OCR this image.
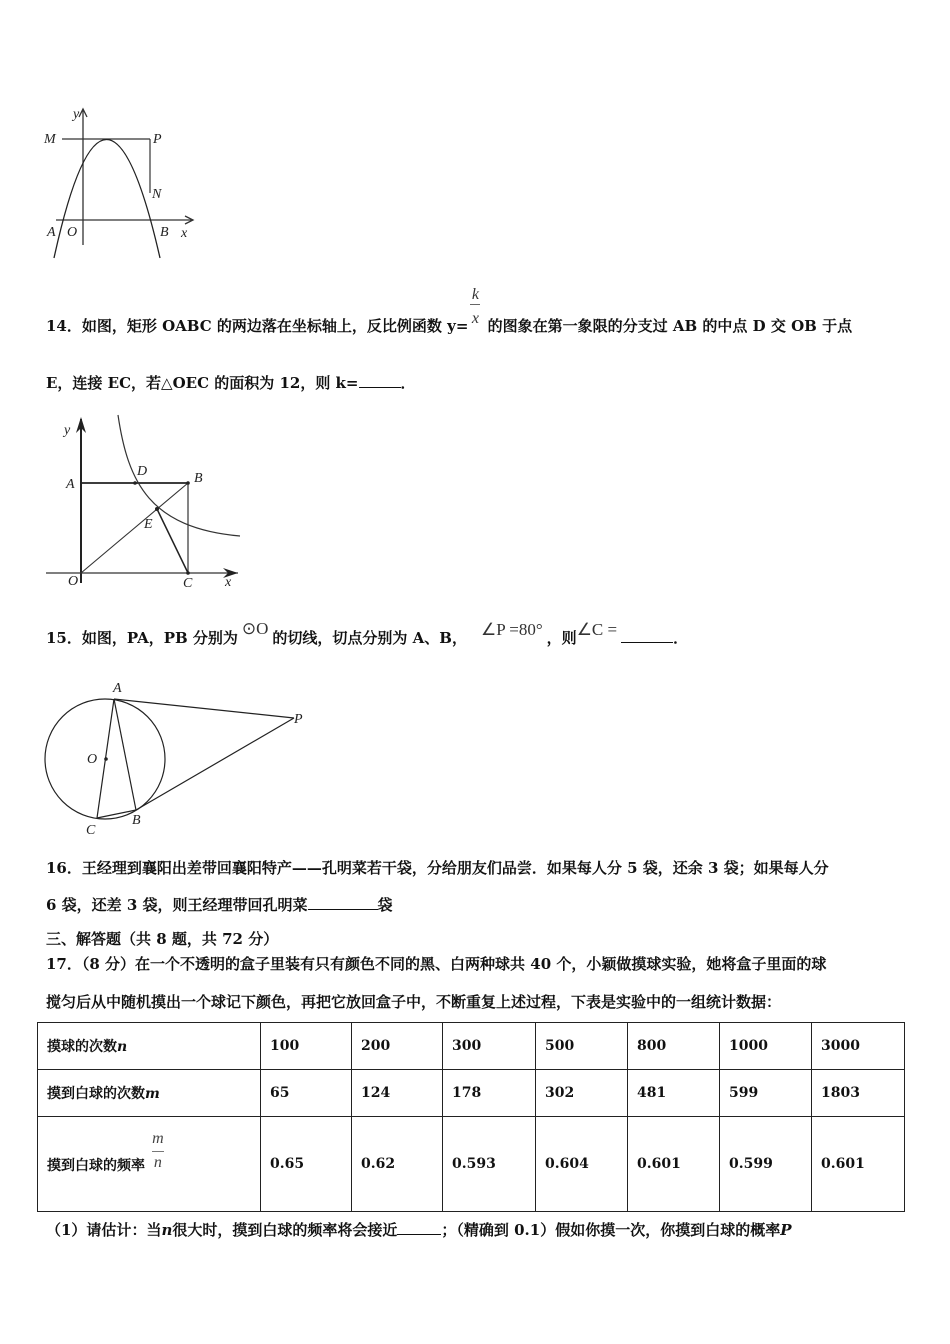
y
M	P
N
A O	B x
14．如图，矩形 OABC 的两边落在坐标轴上，反比例函数 $y= \frac{k}{x}$ 的图象在第一象限的分支过 AB 的中点 D 交 OB 于点
E，连接 EC，若△OEC 的面积为 12，则 k=	．
y
A
D	B
E
O	C x
15．如图，PA，PB 分别为 ⊙O 的切线，切点分别为 A、B， ∠P =80° ，则∠C =	．
A
P
O
C
B
16．王经理到襄阳出差带回襄阳特产——孔明菜若干袋，分给朋友们品尝．如果每人分 5 袋，还余 3 袋；如果每人分
6 袋，还差 3 袋，则王经理带回孔明菜	袋
三、解答题（共 8 题，共 72 分）
17．（8 分）在一个不透明的盒子里装有只有颜色不同的黑、白两种球共 40 个，小颖做摸球实验，她将盒子里面的球
搅匀后从中随机摸出一个球记下颜色，再把它放回盒子中，不断重复上述过程，下表是实验中的一组统计数据：
摸球的次数n	100	200	300	500	800	1000	3000
摸到白球的次数m	65	124	178	302	481	599	1803
摸到白球的频率 $\frac{m}{n}$	0.65	0.62	0.593	0.604	0.601	0.599	0.601
（1）请估计：当n很大时，摸到白球的频率将会接近	；（精确到 0.1）假如你摸一次，你摸到白球的概率P
